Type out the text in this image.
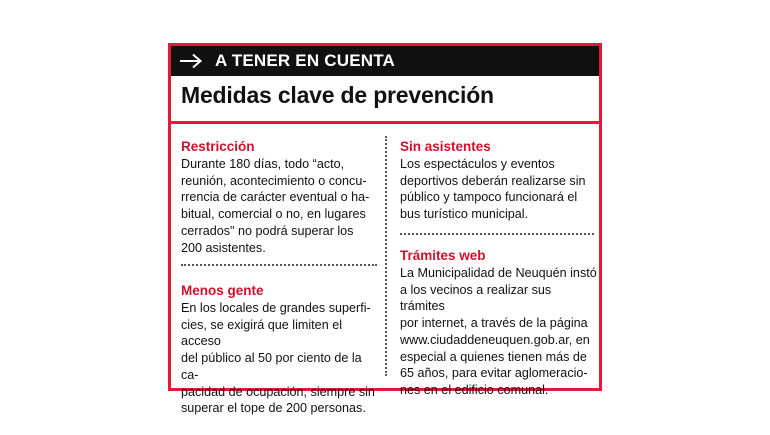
A TENER EN CUENTA
Medidas clave de prevención

Restricción

Durante 180 días, todo “acto,
reunión, acontecimiento o concu-
rrencia de carácter eventual o ha-
bitual, comercial o no, en lugares
cerrados" no podrá superar los
200 asistentes.

Menos gente

En los locales de grandes superfi-
cies, se exigirá que limiten el acceso
del público al 50 por ciento de la ca-
pacidad de ocupación, siempre sin
superar el tope de 200 personas.

Sin asistentes

Los espectáculos y eventos
deportivos deberán realizarse sin
público y tampoco funcionará el
bus turístico municipal.

Trámites web

La Municipalidad de Neuquén instó
a los vecinos a realizar sus trámites
por internet, a través de la página
www.ciudaddeneuquen.gob.ar, en
especial a quienes tienen más de
65 años, para evitar aglomeracio-
nes en el edificio comunal.
